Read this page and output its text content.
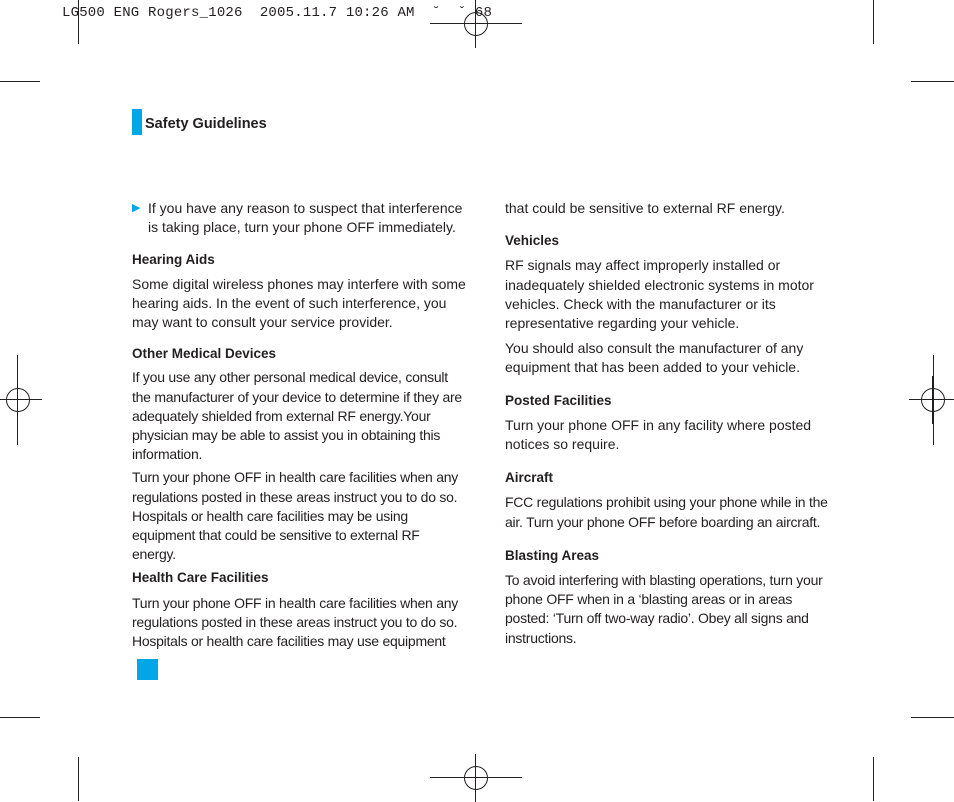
LG500 ENG Rogers_1026  2005.11.7 10:26 AM  ˘  ˇ 68
Safety Guidelines
▶ If you have any reason to suspect that interference is taking place, turn your phone OFF immediately.

Hearing Aids

Some digital wireless phones may interfere with some hearing aids. In the event of such interference, you may want to consult your service provider.

Other Medical Devices

If you use any other personal medical device, consult the manufacturer of your device to determine if they are adequately shielded from external RF energy.Your physician may be able to assist you in obtaining this information.

Turn your phone OFF in health care facilities when any regulations posted in these areas instruct you to do so. Hospitals or health care facilities may be using equipment that could be sensitive to external RF energy.

Health Care Facilities

Turn your phone OFF in health care facilities when any regulations posted in these areas instruct you to do so. Hospitals or health care facilities may use equipment

that could be sensitive to external RF energy.

Vehicles

RF signals may affect improperly installed or inadequately shielded electronic systems in motor vehicles. Check with the manufacturer or its representative regarding your vehicle.

You should also consult the manufacturer of any equipment that has been added to your vehicle.

Posted Facilities

Turn your phone OFF in any facility where posted notices so require.

Aircraft

FCC regulations prohibit using your phone while in the air. Turn your phone OFF before boarding an aircraft.

Blasting Areas

To avoid interfering with blasting operations, turn your phone OFF when in a ‘blasting areas or in areas posted: ‘Turn off two-way radio’. Obey all signs and instructions.
